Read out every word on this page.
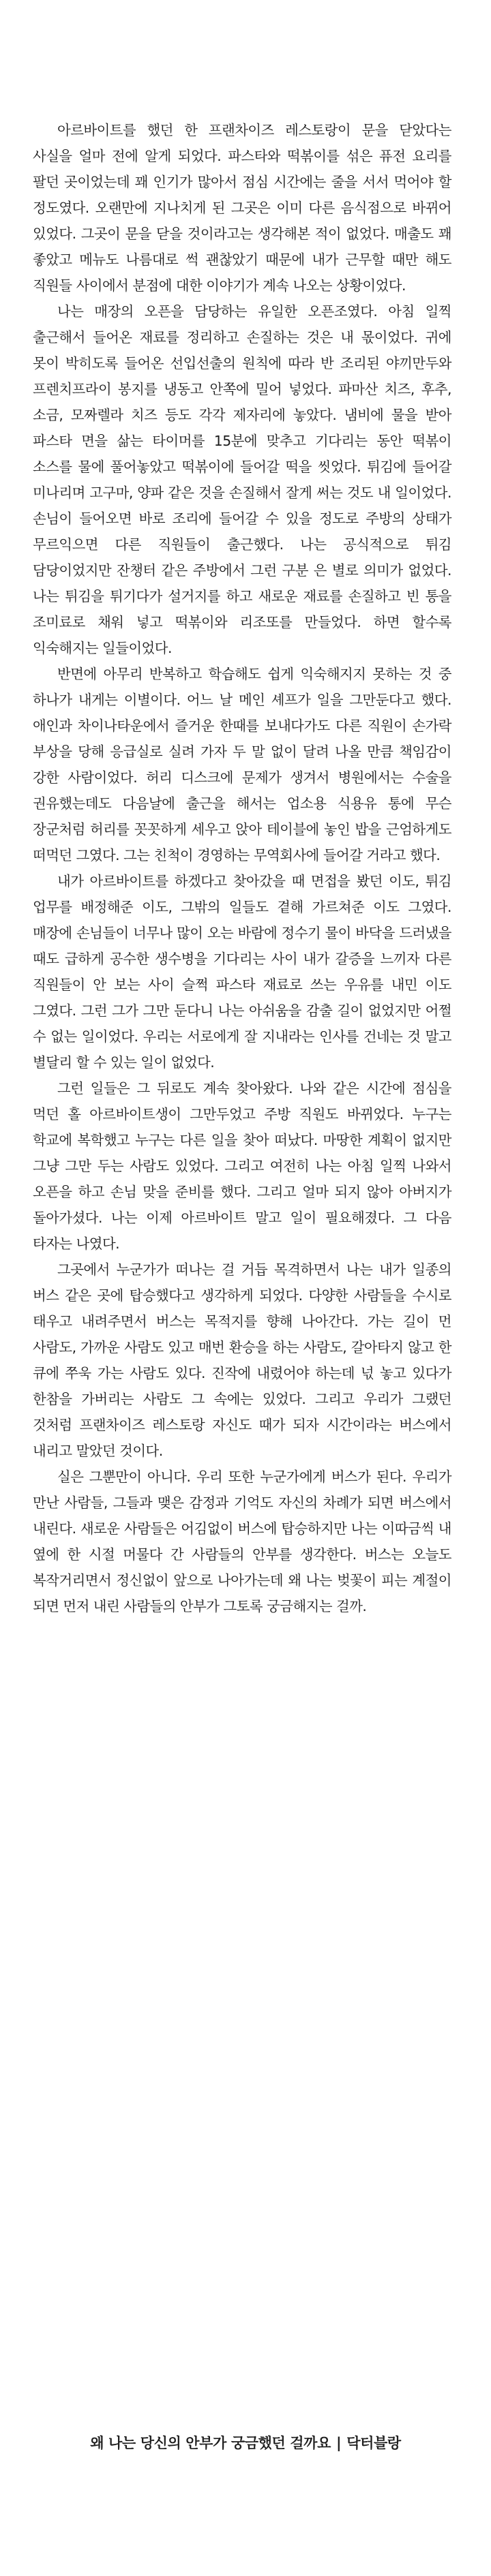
아르바이트를 했던 한 프랜차이즈 레스토랑이 문을 닫았다는 사실을 얼마 전에 알게 되었다. 파스타와 떡볶이를 섞은 퓨전 요리를 팔던 곳이었는데 꽤 인기가 많아서 점심 시간에는 줄을 서서 먹어야 할 정도였다. 오랜만에 지나치게 된 그곳은 이미 다른 음식점으로 바뀌어 있었다. 그곳이 문을 닫을 것이라고는 생각해본 적이 없었다. 매출도 꽤 좋았고 메뉴도 나름대로 썩 괜찮았기 때문에 내가 근무할 때만 해도 직원들 사이에서 분점에 대한 이야기가 계속 나오는 상황이었다.

나는 매장의 오픈을 담당하는 유일한 오픈조였다. 아침 일찍 출근해서 들어온 재료를 정리하고 손질하는 것은 내 몫이었다. 귀에 못이 박히도록 들어온 선입선출의 원칙에 따라 반 조리된 야끼만두와 프렌치프라이 봉지를 냉동고 안쪽에 밀어 넣었다. 파마산 치즈, 후추, 소금, 모짜렐라 치즈 등도 각각 제자리에 놓았다. 냄비에 물을 받아 파스타 면을 삶는 타이머를 15분에 맞추고 기다리는 동안 떡볶이 소스를 물에 풀어놓았고 떡볶이에 들어갈 떡을 씻었다. 튀김에 들어갈 미나리며 고구마, 양파 같은 것을 손질해서 잘게 써는 것도 내 일이었다. 손님이 들어오면 바로 조리에 들어갈 수 있을 정도로 주방의 상태가 무르익으면 다른 직원들이 출근했다. 나는 공식적으로 튀김 담당이었지만 잔챙터 같은 주방에서 그런 구분 은 별로 의미가 없었다. 나는 튀김을 튀기다가 설거지를 하고 새로운 재료를 손질하고 빈 통을 조미료로 채워 넣고 떡볶이와 리조또를 만들었다. 하면 할수록 익숙해지는 일들이었다.

반면에 아무리 반복하고 학습해도 쉽게 익숙해지지 못하는 것 중 하나가 내게는 이별이다. 어느 날 메인 셰프가 일을 그만둔다고 했다. 애인과 차이나타운에서 즐거운 한때를 보내다가도 다른 직원이 손가락 부상을 당해 응급실로 실려 가자 두 말 없이 달려 나올 만큼 책임감이 강한 사람이었다. 허리 디스크에 문제가 생겨서 병원에서는 수술을 권유했는데도 다음날에 출근을 해서는 업소용 식용유 통에 무슨 장군처럼 허리를 꼿꼿하게 세우고 앉아 테이블에 놓인 밥을 근엄하게도 떠먹던 그였다. 그는 친척이 경영하는 무역회사에 들어갈 거라고 했다.

내가 아르바이트를 하겠다고 찾아갔을 때 면접을 봤던 이도, 튀김 업무를 배정해준 이도, 그밖의 일들도 곁해 가르쳐준 이도 그였다. 매장에 손님들이 너무나 많이 오는 바람에 정수기 물이 바닥을 드러냈을 때도 급하게 공수한 생수병을 기다리는 사이 내가 갈증을 느끼자 다른 직원들이 안 보는 사이 슬쩍 파스타 재료로 쓰는 우유를 내민 이도 그였다. 그런 그가 그만 둔다니 나는 아쉬움을 감출 길이 없었지만 어쩔 수 없는 일이었다. 우리는 서로에게 잘 지내라는 인사를 건네는 것 말고 별달리 할 수 있는 일이 없었다.

그런 일들은 그 뒤로도 계속 찾아왔다. 나와 같은 시간에 점심을 먹던 홀 아르바이트생이 그만두었고 주방 직원도 바뀌었다. 누구는 학교에 복학했고 누구는 다른 일을 찾아 떠났다. 마땅한 계획이 없지만 그냥 그만 두는 사람도 있었다. 그리고 여전히 나는 아침 일찍 나와서 오픈을 하고 손님 맞을 준비를 했다. 그리고 얼마 되지 않아 아버지가 돌아가셨다. 나는 이제 아르바이트 말고 일이 필요해졌다. 그 다음 타자는 나였다.

그곳에서 누군가가 떠나는 걸 거듭 목격하면서 나는 내가 일종의 버스 같은 곳에 탑승했다고 생각하게 되었다. 다양한 사람들을 수시로 태우고 내려주면서 버스는 목적지를 향해 나아간다. 가는 길이 먼 사람도, 가까운 사람도 있고 매번 환승을 하는 사람도, 갈아타지 않고 한 큐에 쭈욱 가는 사람도 있다. 진작에 내렸어야 하는데 넋 놓고 있다가 한참을 가버리는 사람도 그 속에는 있었다. 그리고 우리가 그랬던 것처럼 프랜차이즈 레스토랑 자신도 때가 되자 시간이라는 버스에서 내리고 말았던 것이다.

실은 그뿐만이 아니다. 우리 또한 누군가에게 버스가 된다. 우리가 만난 사람들, 그들과 맺은 감정과 기억도 자신의 차례가 되면 버스에서 내린다. 새로운 사람들은 어김없이 버스에 탑승하지만 나는 이따금씩 내 옆에 한 시절 머물다 간 사람들의 안부를 생각한다. 버스는 오늘도 복작거리면서 정신없이 앞으로 나아가는데 왜 나는 벚꽃이 피는 계절이 되면 먼저 내린 사람들의 안부가 그토록 궁금해지는 걸까.

왜 나는 당신의 안부가 궁금했던 걸까요 | 닥터블랑
